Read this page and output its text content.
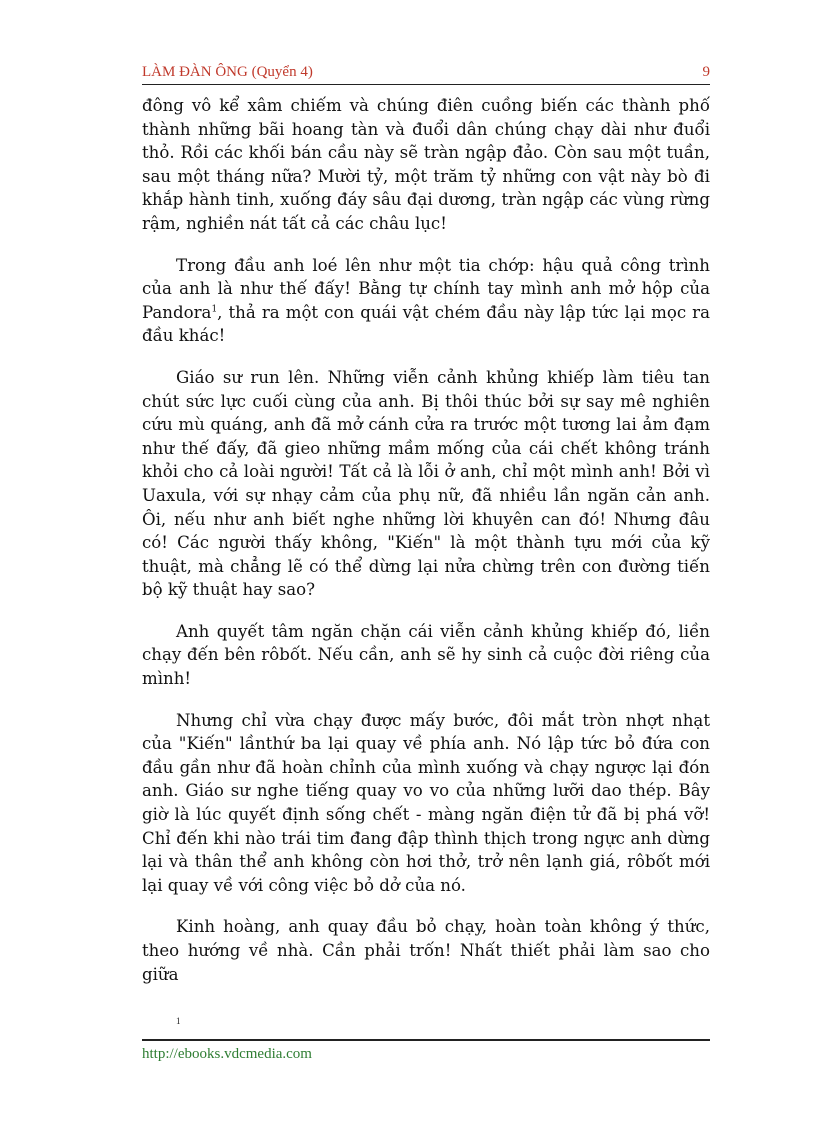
LÀM ĐÀN ÔNG (Quyển 4)	9

đông vô kể xâm chiếm và chúng điên cuồng biến các thành phố thành những bãi hoang tàn và đuổi dân chúng chạy dài như đuổi thỏ. Rồi các khối bán cầu này sẽ tràn ngập đảo. Còn sau một tuần, sau một tháng nữa? Mười tỷ, một trăm tỷ những con vật này bò đi khắp hành tinh, xuống đáy sâu đại dương, tràn ngập các vùng rừng rậm, nghiền nát tất cả các châu lục!

Trong đầu anh loé lên như một tia chớp: hậu quả công trình của anh là như thế đấy! Bằng tự chính tay mình anh mở hộp của Pandora$^1$, thả ra một con quái vật chém đầu này lập tức lại mọc ra đầu khác!

Giáo sư run lên. Những viễn cảnh khủng khiếp làm tiêu tan chút sức lực cuối cùng của anh. Bị thôi thúc bởi sự say mê nghiên cứu mù quáng, anh đã mở cánh cửa ra trước một tương lai ảm đạm như thế đấy, đã gieo những mầm mống của cái chết không tránh khỏi cho cả loài người! Tất cả là lỗi ở anh, chỉ một mình anh! Bởi vì Uaxula, với sự nhạy cảm của phụ nữ, đã nhiều lần ngăn cản anh. Ôi, nếu như anh biết nghe những lời khuyên can đó! Nhưng đâu có! Các người thấy không, "Kiến" là một thành tựu mới của kỹ thuật, mà chẳng lẽ có thể dừng lại nửa chừng trên con đường tiến bộ kỹ thuật hay sao?

Anh quyết tâm ngăn chặn cái viễn cảnh khủng khiếp đó, liền chạy đến bên rôbốt. Nếu cần, anh sẽ hy sinh cả cuộc đời riêng của mình!

Nhưng chỉ vừa chạy được mấy bước, đôi mắt tròn nhợt nhạt của "Kiến" lầnthứ ba lại quay về phía anh. Nó lập tức bỏ đứa con đầu gần như đã hoàn chỉnh của mình xuống và chạy ngược lại đón anh. Giáo sư nghe tiếng quay vo vo của những lưỡi dao thép. Bây giờ là lúc quyết định sống chết - màng ngăn điện tử đã bị phá vỡ! Chỉ đến khi nào trái tim đang đập thình thịch trong ngực anh dừng lại và thân thể anh không còn hơi thở, trở nên lạnh giá, rôbốt mới lại quay về với công việc bỏ dở của nó.

Kinh hoàng, anh quay đầu bỏ chạy, hoàn toàn không ý thức, theo hướng về nhà. Cần phải trốn! Nhất thiết phải làm sao cho giữa

1
http://ebooks.vdcmedia.com
